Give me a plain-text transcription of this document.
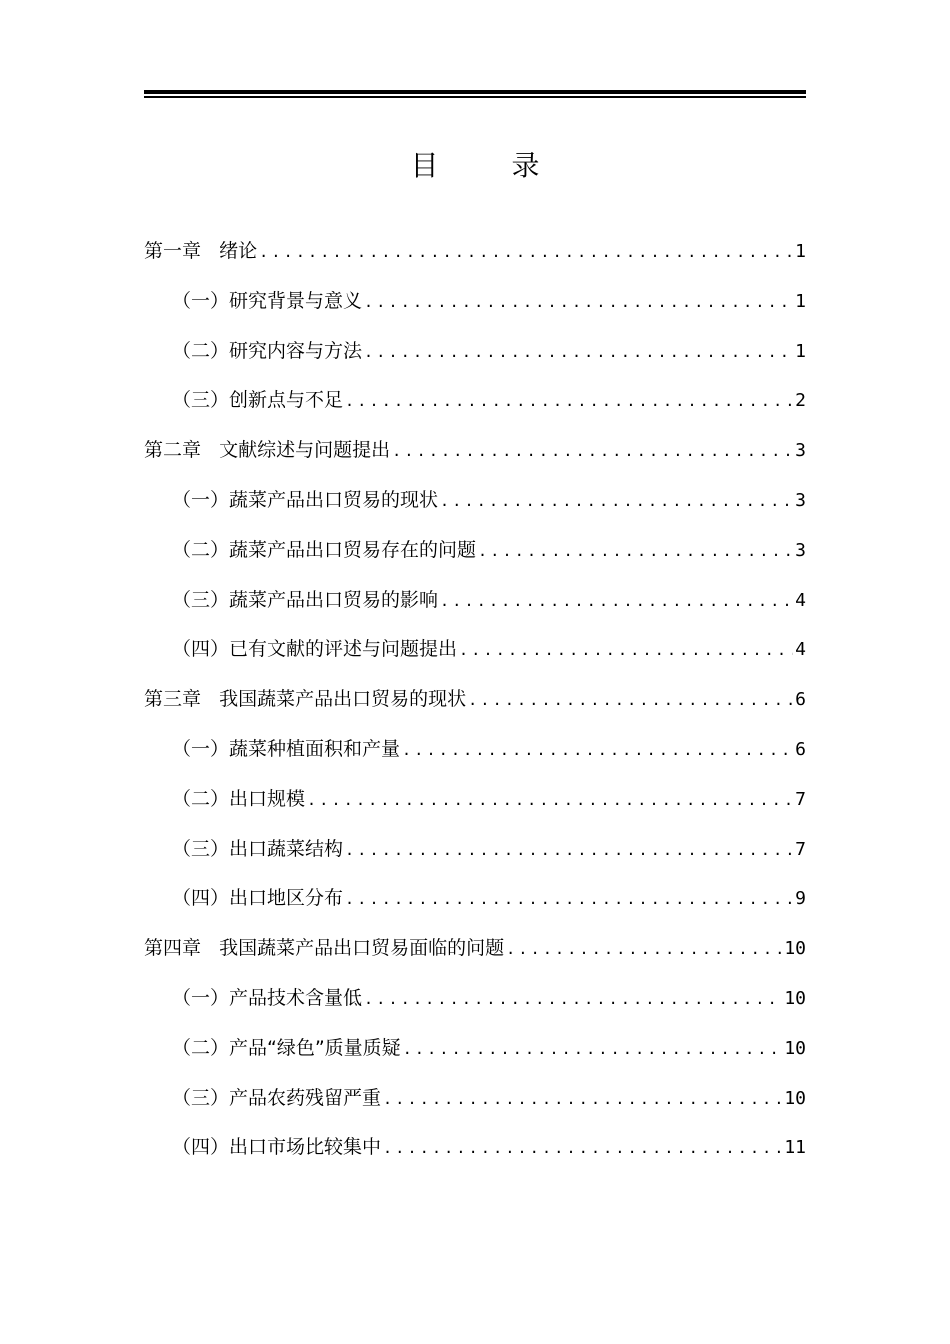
目 录
第一章   绪论 .....	1
（一）研究背景与意义 .....	1
（二）研究内容与方法 .....	1
（三）创新点与不足 .....	2
第二章   文献综述与问题提出 .....	3
（一）蔬菜产品出口贸易的现状 .....	3
（二）蔬菜产品出口贸易存在的问题 .....	3
（三）蔬菜产品出口贸易的影响 .....	4
（四）已有文献的评述与问题提出 .....	4
第三章   我国蔬菜产品出口贸易的现状 .....	6
（一）蔬菜种植面积和产量 .....	6
（二）出口规模 .....	7
（三）出口蔬菜结构 .....	7
（四）出口地区分布 .....	9
第四章   我国蔬菜产品出口贸易面临的问题 .....	10
（一）产品技术含量低 .....	10
（二）产品“绿色”质量质疑 .....	10
（三）产品农药残留严重 .....	10
（四）出口市场比较集中 .....	11
